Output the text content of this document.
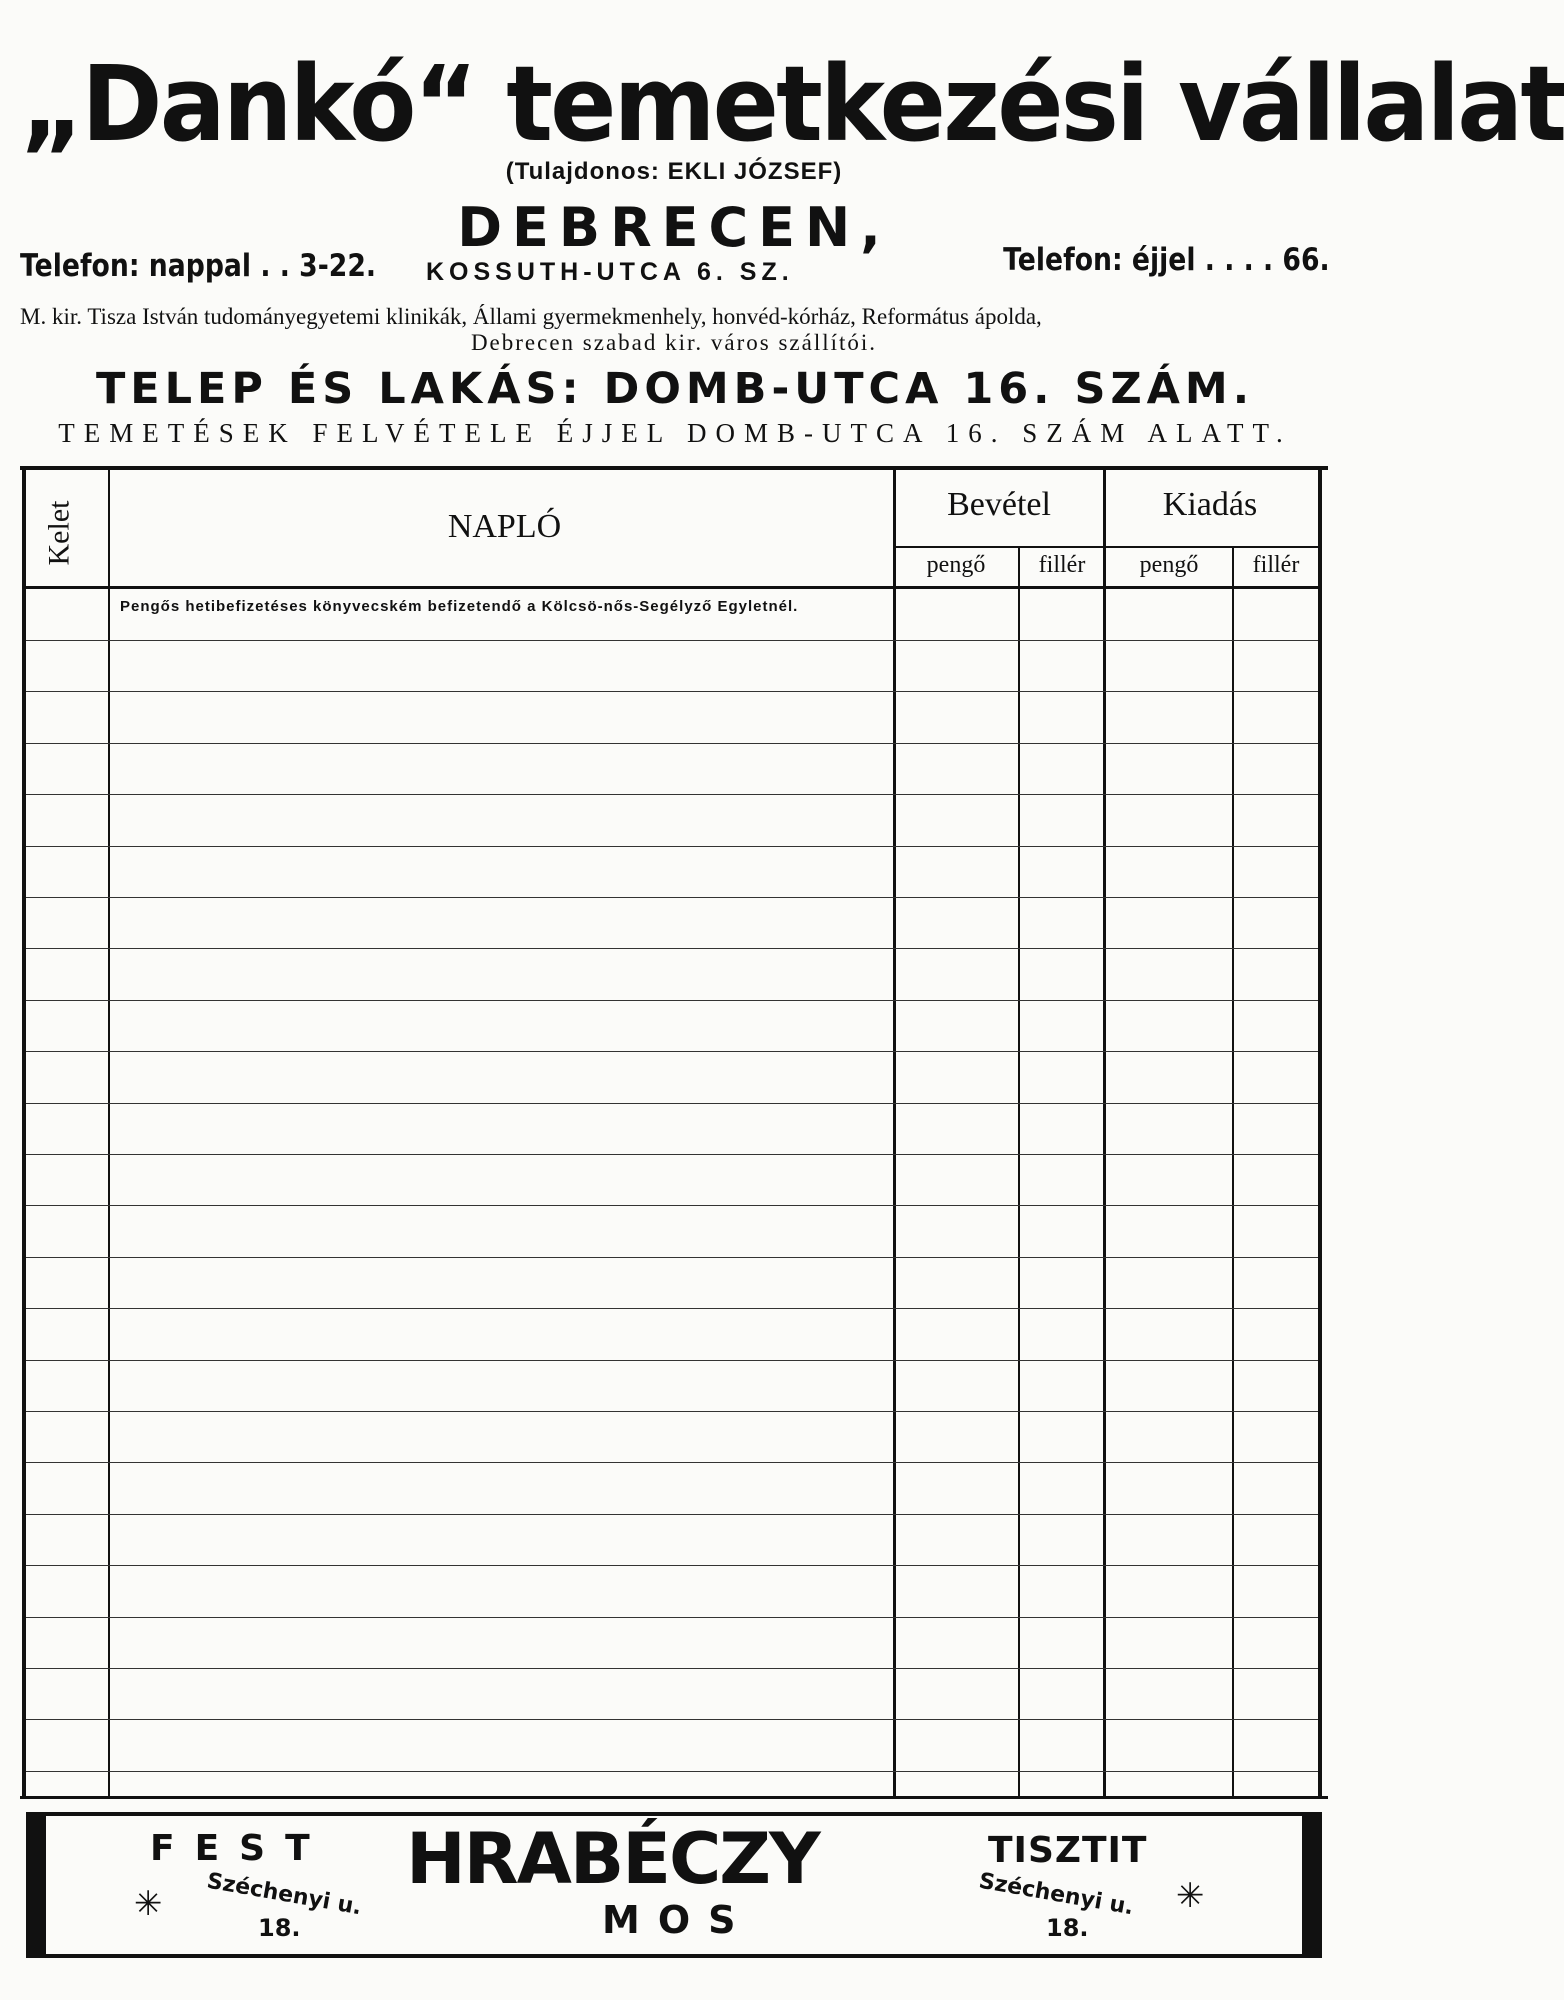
„Dankó“ temetkezési vállalat
(Tulajdonos: EKLI JÓZSEF)
DEBRECEN,
Telefon: nappal . . 3-22. KOSSUTH-UTCA 6. SZ.	Telefon: éjjel . . . . 66.
M. kir. Tisza István tudományegyetemi klinikák, Állami gyermekmenhely, honvéd-kórház, Református ápolda,
Debrecen szabad kir. város szállítói.
TELEP ÉS LAKÁS: DOMB-UTCA 16. SZÁM.
TEMETÉSEK FELVÉTELE ÉJJEL DOMB-UTCA 16. SZÁM ALATT.
Kelet	NAPLÓ
Bevétel	Kiadás
pengő	fillér	pengő	fillér
Pengős hetibefizetéses könyvecském befizetendő a Kölcsö-nős-Segélyző Egyletnél.
FEST HRABÉCZY	TISZTIT
MOS
✳ Széchenyi u.
18.
Széchenyi u.
18.
✳
